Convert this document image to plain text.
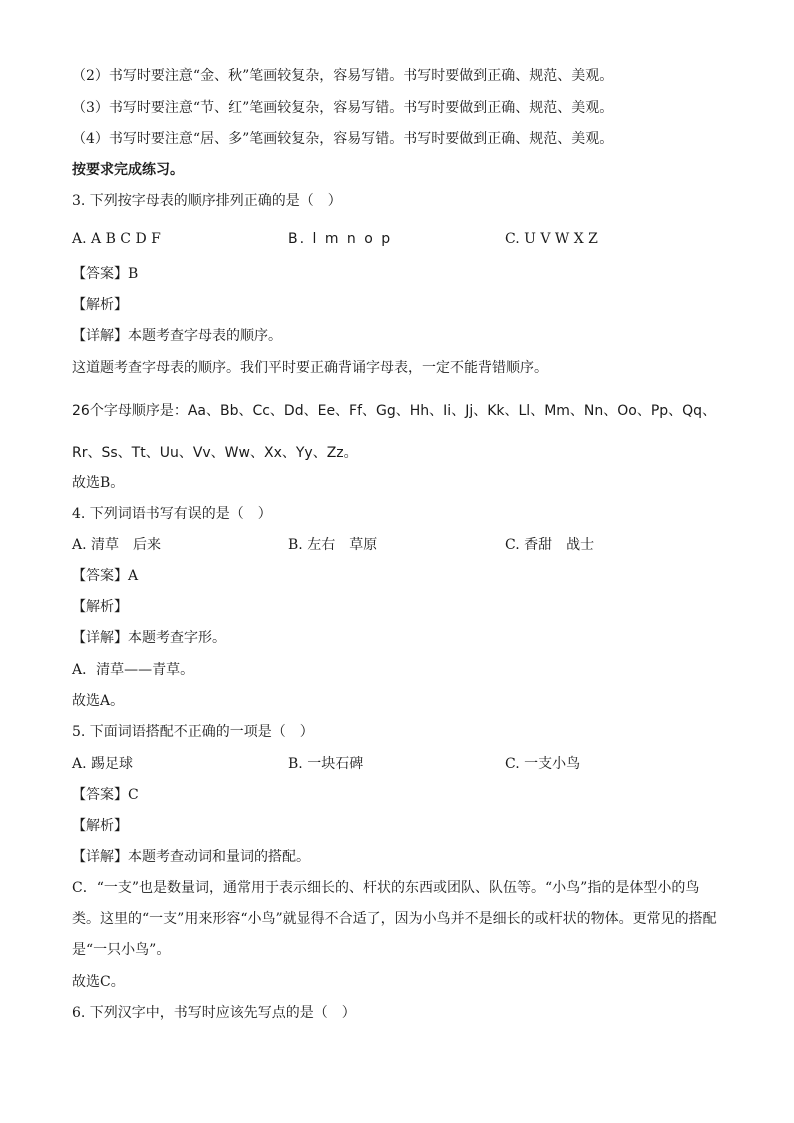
（2）书写时要注意“金、秋”笔画较复杂，容易写错。书写时要做到正确、规范、美观。
（3）书写时要注意“节、红”笔画较复杂，容易写错。书写时要做到正确、规范、美观。
（4）书写时要注意“居、多”笔画较复杂，容易写错。书写时要做到正确、规范、美观。
按要求完成练习。
3. 下列按字母表的顺序排列正确的是（　）
A. A B C D F	B. l m n o p	C. U V W X Z
【答案】B
【解析】
【详解】本题考查字母表的顺序。
这道题考查字母表的顺序。我们平时要正确背诵字母表，一定不能背错顺序。
26个字母顺序是：Aa、Bb、Cc、Dd、Ee、Ff、Gg、Hh、Ii、Jj、Kk、Ll、Mm、Nn、Oo、Pp、Qq、Rr、Ss、Tt、Uu、Vv、Ww、Xx、Yy、Zz。
故选B。
4. 下列词语书写有误的是（　）
A. 清草　后来	B. 左右　草原	C. 香甜　战士
【答案】A
【解析】
【详解】本题考查字形。
A．清草——青草。
故选A。
5. 下面词语搭配不正确的一项是（　）
A. 踢足球	B. 一块石碑	C. 一支小鸟
【答案】C
【解析】
【详解】本题考查动词和量词的搭配。
C．“一支”也是数量词，通常用于表示细长的、杆状的东西或团队、队伍等。“小鸟”指的是体型小的鸟类。这里的“一支”用来形容“小鸟”就显得不合适了，因为小鸟并不是细长的或杆状的物体。更常见的搭配是“一只小鸟”。
故选C。
6. 下列汉字中，书写时应该先写点的是（　）
